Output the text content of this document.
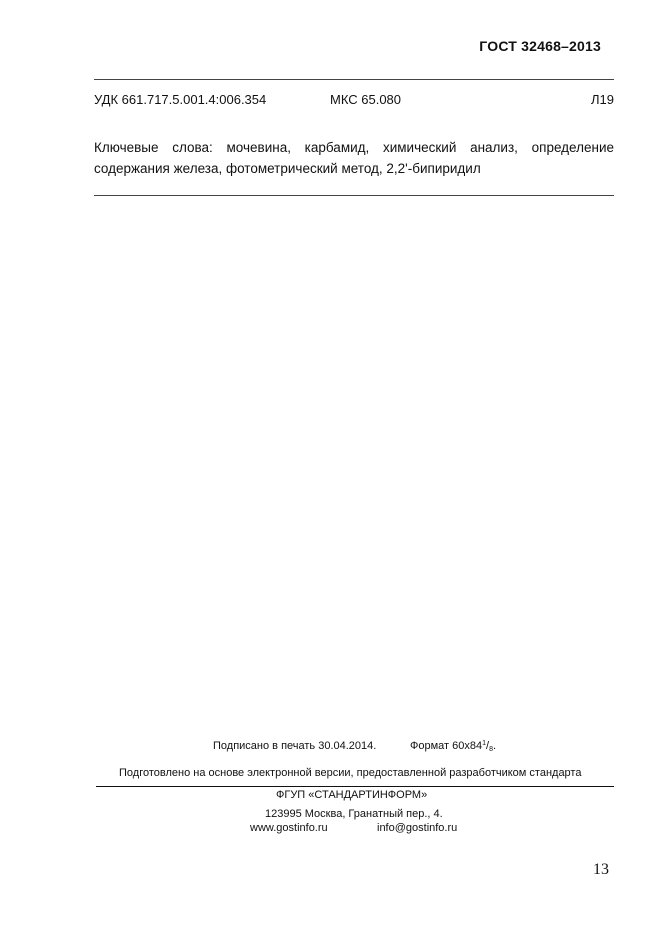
ГОСТ 32468–2013
УДК 661.717.5.001.4:006.354	МКС 65.080	Л19
Ключевые слова: мочевина, карбамид, химический анализ, определение
содержания железа, фотометрический метод, 2,2'-бипиридил
Подписано в печать 30.04.2014.	Формат $60x84^1/_8$.
Подготовлено на основе электронной версии, предоставленной разработчиком стандарта
ФГУП «СТАНДАРТИНФОРМ»
123995 Москва, Гранатный пер., 4.
www.gostinfo.ru	info@gostinfo.ru
13
